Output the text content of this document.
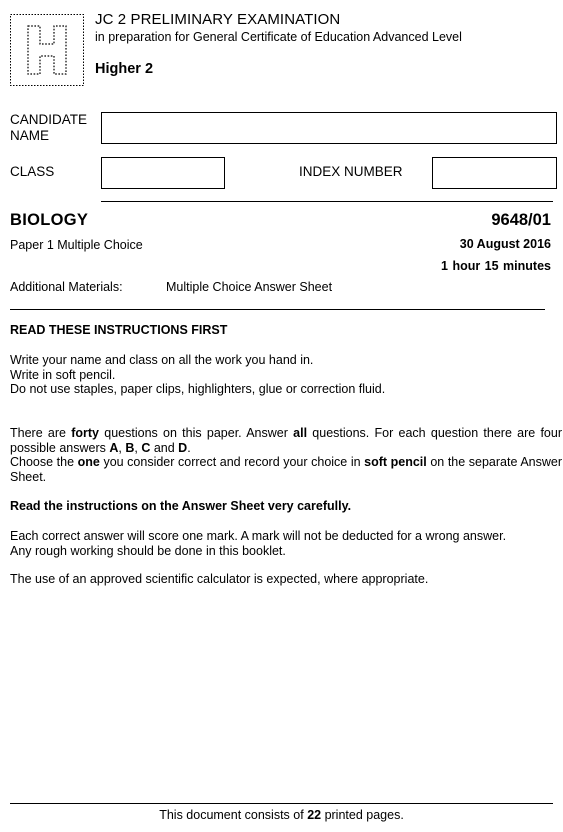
JC 2 PRELIMINARY EXAMINATION
in preparation for General Certificate of Education Advanced Level
Higher 2
CANDIDATE NAME
CLASS	INDEX NUMBER
BIOLOGY	9648/01
Paper 1 Multiple Choice	30 August 2016
1 hour 15 minutes
Additional Materials:	Multiple Choice Answer Sheet
READ THESE INSTRUCTIONS FIRST
Write your name and class on all the work you hand in.
Write in soft pencil.
Do not use staples, paper clips, highlighters, glue or correction fluid.
There are forty questions on this paper. Answer all questions. For each question there are four possible answers A, B, C and D.
Choose the one you consider correct and record your choice in soft pencil on the separate Answer Sheet.
Read the instructions on the Answer Sheet very carefully.
Each correct answer will score one mark. A mark will not be deducted for a wrong answer.
Any rough working should be done in this booklet.
The use of an approved scientific calculator is expected, where appropriate.
This document consists of 22 printed pages.
